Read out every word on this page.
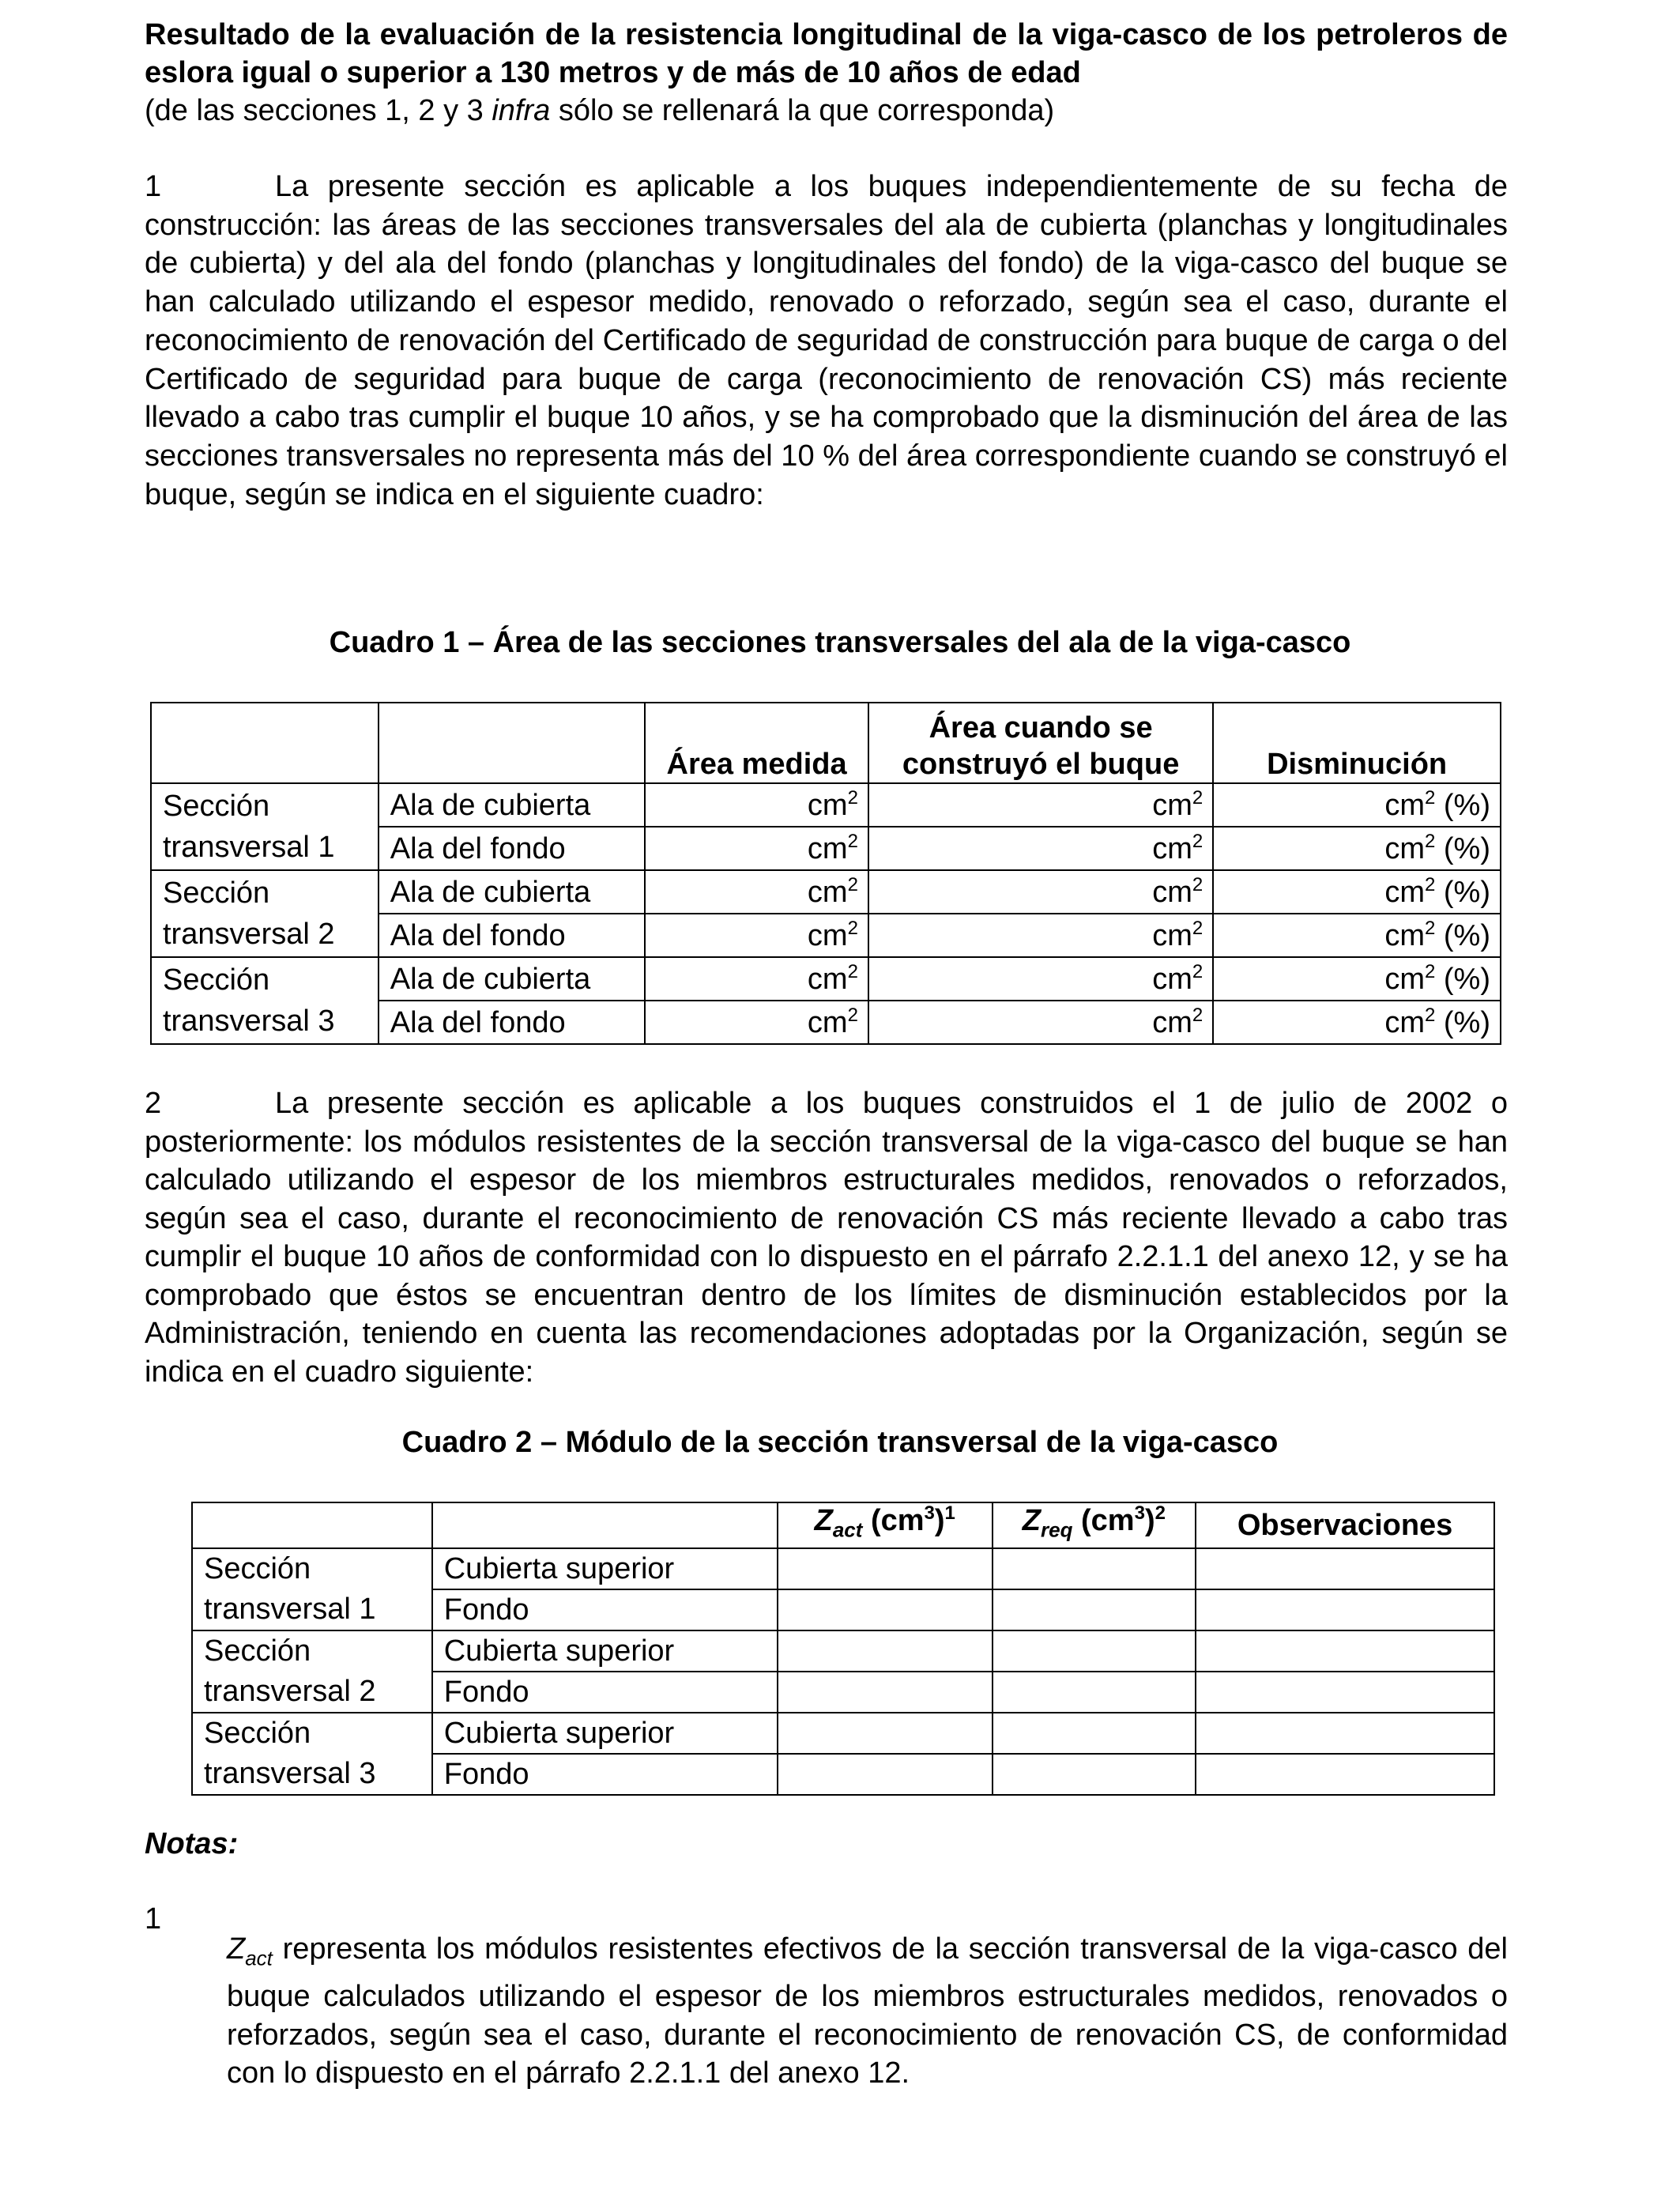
Resultado de la evaluación de la resistencia longitudinal de la viga-casco de los petroleros de eslora igual o superior a 130 metros y de más de 10 años de edad

(de las secciones 1, 2 y 3 infra sólo se rellenará la que corresponda)

1	La presente sección es aplicable a los buques independientemente de su fecha de construcción: las áreas de las secciones transversales del ala de cubierta (planchas y longitudinales de cubierta) y del ala del fondo (planchas y longitudinales del fondo) de la viga-casco del buque se han calculado utilizando el espesor medido, renovado o reforzado, según sea el caso, durante el reconocimiento de renovación del Certificado de seguridad de construcción para buque de carga o del Certificado de seguridad para buque de carga (reconocimiento de renovación CS) más reciente llevado a cabo tras cumplir el buque 10 años, y se ha comprobado que la disminución del área de las secciones transversales no representa más del 10 % del área correspondiente cuando se construyó el buque, según se indica en el siguiente cuadro:

Cuadro 1 – Área de las secciones transversales del ala de la viga-casco

		Área medida	Área cuando se construyó el buque	Disminución
Sección transversal 1	Ala de cubierta	$cm^2$	$cm^2$	$cm^2$ (%)
	Ala del fondo	$cm^2$	$cm^2$	$cm^2$ (%)
Sección transversal 2	Ala de cubierta	$cm^2$	$cm^2$	$cm^2$ (%)
	Ala del fondo	$cm^2$	$cm^2$	$cm^2$ (%)
Sección transversal 3	Ala de cubierta	$cm^2$	$cm^2$	$cm^2$ (%)
	Ala del fondo	$cm^2$	$cm^2$	$cm^2$ (%)

2	La presente sección es aplicable a los buques construidos el 1 de julio de 2002 o posteriormente: los módulos resistentes de la sección transversal de la viga-casco del buque se han calculado utilizando el espesor de los miembros estructurales medidos, renovados o reforzados, según sea el caso, durante el reconocimiento de renovación CS más reciente llevado a cabo tras cumplir el buque 10 años de conformidad con lo dispuesto en el párrafo 2.2.1.1 del anexo 12, y se ha comprobado que éstos se encuentran dentro de los límites de disminución establecidos por la Administración, teniendo en cuenta las recomendaciones adoptadas por la Organización, según se indica en el cuadro siguiente:

Cuadro 2 – Módulo de la sección transversal de la viga-casco

		$Z_{act}$ $(cm^3)^1$	$Z_{req}$ $(cm^3)^2$	Observaciones
Sección transversal 1	Cubierta superior			
	Fondo			
Sección transversal 2	Cubierta superior			
	Fondo			
Sección transversal 3	Cubierta superior			
	Fondo			

Notas:

1

$Z_{act}$ representa los módulos resistentes efectivos de la sección transversal de la viga-casco del buque calculados utilizando el espesor de los miembros estructurales medidos, renovados o reforzados, según sea el caso, durante el reconocimiento de renovación CS, de conformidad con lo dispuesto en el párrafo 2.2.1.1 del anexo 12.
